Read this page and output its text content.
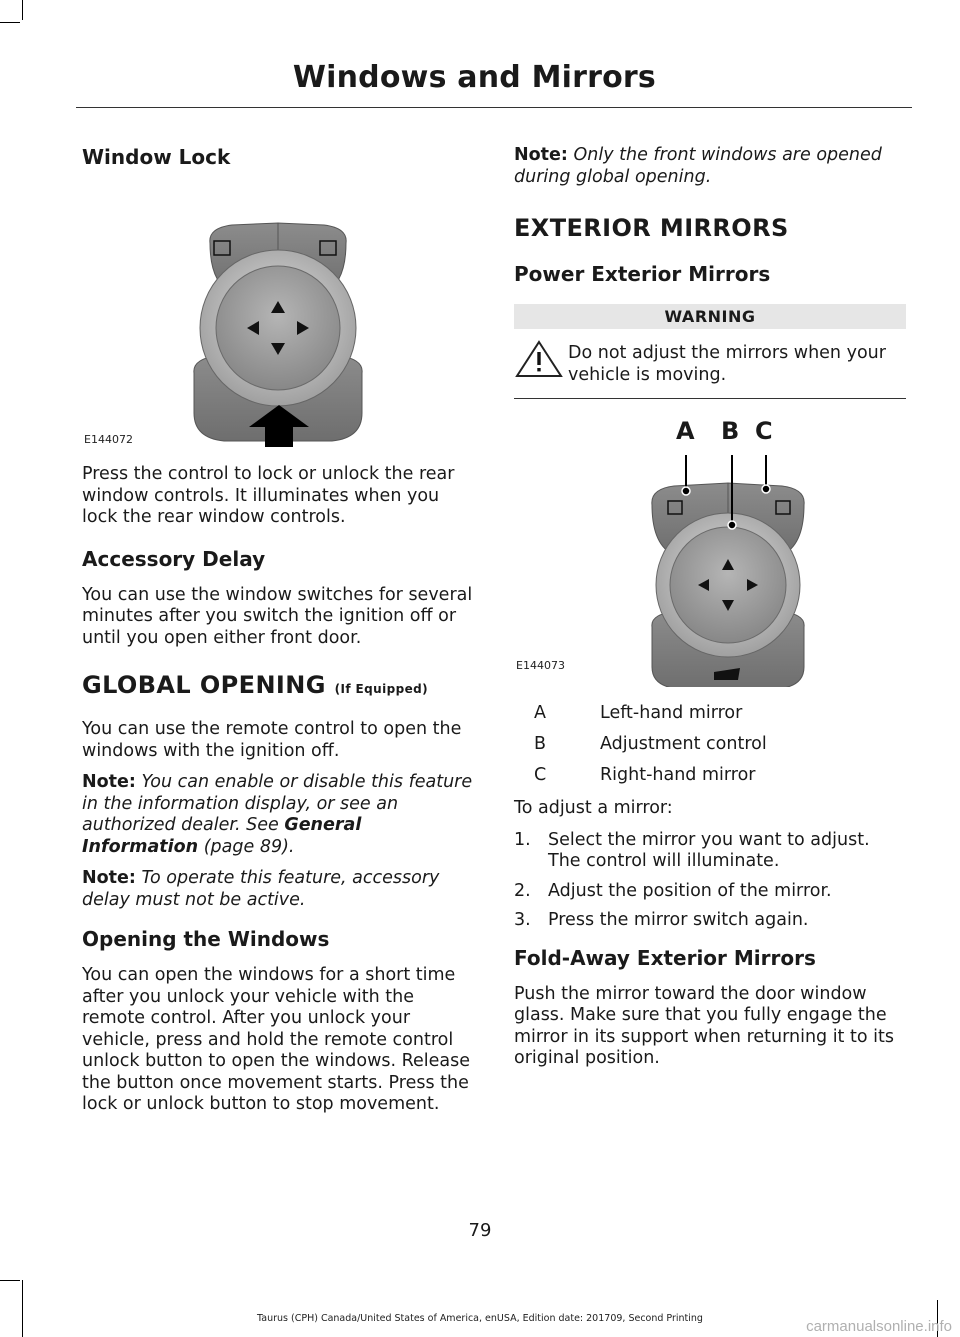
Windows and Mirrors
Window Lock
E144072
Press the control to lock or unlock the rear window controls. It illuminates when you lock the rear window controls.
Accessory Delay
You can use the window switches for several minutes after you switch the ignition off or until you open either front door.
GLOBAL OPENING (If Equipped)
You can use the remote control to open the windows with the ignition off.
Note: You can enable or disable this feature in the information display, or see an authorized dealer. See General Information (page 89).
Note: To operate this feature, accessory delay must not be active.
Opening the Windows
You can open the windows for a short time after you unlock your vehicle with the remote control. After you unlock your vehicle, press and hold the remote control unlock button to open the windows. Release the button once movement starts. Press the lock or unlock button to stop movement.
Note: Only the front windows are opened during global opening.
EXTERIOR MIRRORS
Power Exterior Mirrors
WARNING
Do not adjust the mirrors when your vehicle is moving.
A B C
E144073
A	Left-hand mirror
B	Adjustment control
C	Right-hand mirror
To adjust a mirror:
1. Select the mirror you want to adjust. The control will illuminate.
2. Adjust the position of the mirror.
3. Press the mirror switch again.
Fold-Away Exterior Mirrors
Push the mirror toward the door window glass. Make sure that you fully engage the mirror in its support when returning it to its original position.
79
Taurus (CPH) Canada/United States of America, enUSA, Edition date: 201709, Second Printing	carmanualsonline.info
